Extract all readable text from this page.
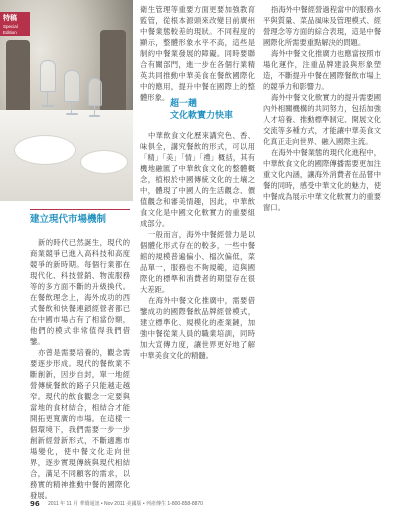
特稿
Special Edition

衛生管理等重要方面更要加強教育監管，從根本源頭來改變目前廣州中餐業態較差的現狀。不同程度的顯示，整體形象水平不高，這些是制約中餐業發展的障礙。同時要聯合有關部門，進一步在各個行業精英共同推動中華美食在餐飲國際化中的應用，提升中餐在國際上的整體形象。

超一趟
文化軟實力快車

中華飲食文化歷來講究色、香、味俱全，講究餐飲的形式，可以用「精」「美」「情」「禮」概括，其有機地融匯了中華飲食文化的整體概念，植根於中國傳統文化的土壤之中，體現了中國人的生活觀念、價值觀念和審美情趣，因此，中華飲食文化是中國文化軟實力的重要組成部分。

一般而言，海外中餐經營力是以個體化形式存在的較多，一些中餐館的規模普遍偏小、檔次偏低，菜品單一，服務也不夠規範，這與國際化的標準和消費者的期望存在很大差距。

在海外中餐文化推廣中，需要借鑒成功的國際餐飲品牌經營模式，建立標準化、規模化的產業鏈，加強中餐從業人員的職業培訓，同時加大宣傳力度，讓世界更好地了解中華美食文化的精髓。

指海外中餐經營過程當中的服務水平與質量、菜品風味及管理模式、經營理念等方面的綜合表現，這是中餐國際化所需要重點解決的問題。

海外中餐文化推廣力也應當按照市場化運作，注重品牌建設與形象塑造，不斷提升中餐在國際餐飲市場上的競爭力和影響力。

海外中餐文化軟實力的提升需要國內外相關機構的共同努力，包括加強人才培養、推動標準制定、開展文化交流等多種方式，才能讓中華美食文化真正走向世界、融入國際主流。

在海外中餐業態的現代化進程中，中華飲食文化的國際傳播需要更加注重文化內涵，讓海外消費者在品嘗中餐的同時，感受中華文化的魅力，使中餐成為展示中華文化軟實力的重要窗口。

建立現代市場機制

新的時代已然誕生，現代的商業競爭已進入高科技和高度競爭的新時期。每個行業都在現代化、科技營銷、物流服務等的多方面不斷的升級換代。在餐飲理念上，海外成功的西式餐飲和快餐連鎖經營者都已在中國市場占有了相當份額，他們的模式非常值得我們借鑒。

亦曾是需要培養的，觀念需要逐步形成。現代的餐飲業不斷創新，因步自封，單一地經營傳統餐飲的路子只能越走越窄。現代的飲食觀念一定要與當地的食材結合，相結合才能開拓更寬廣的市場。在這樣一個環境下，我們需要一步一步創新經營新形式，不斷適應市場變化，使中餐文化走向世界，逐步實現傳統與現代相結合，滿足不同顧客的需求，以務實的精神推動中餐的國際化發展。

96 2011 年 11 月 華僑通訊 • Nov 2011 美國版 • 列產傳生 1-800-858-8870
